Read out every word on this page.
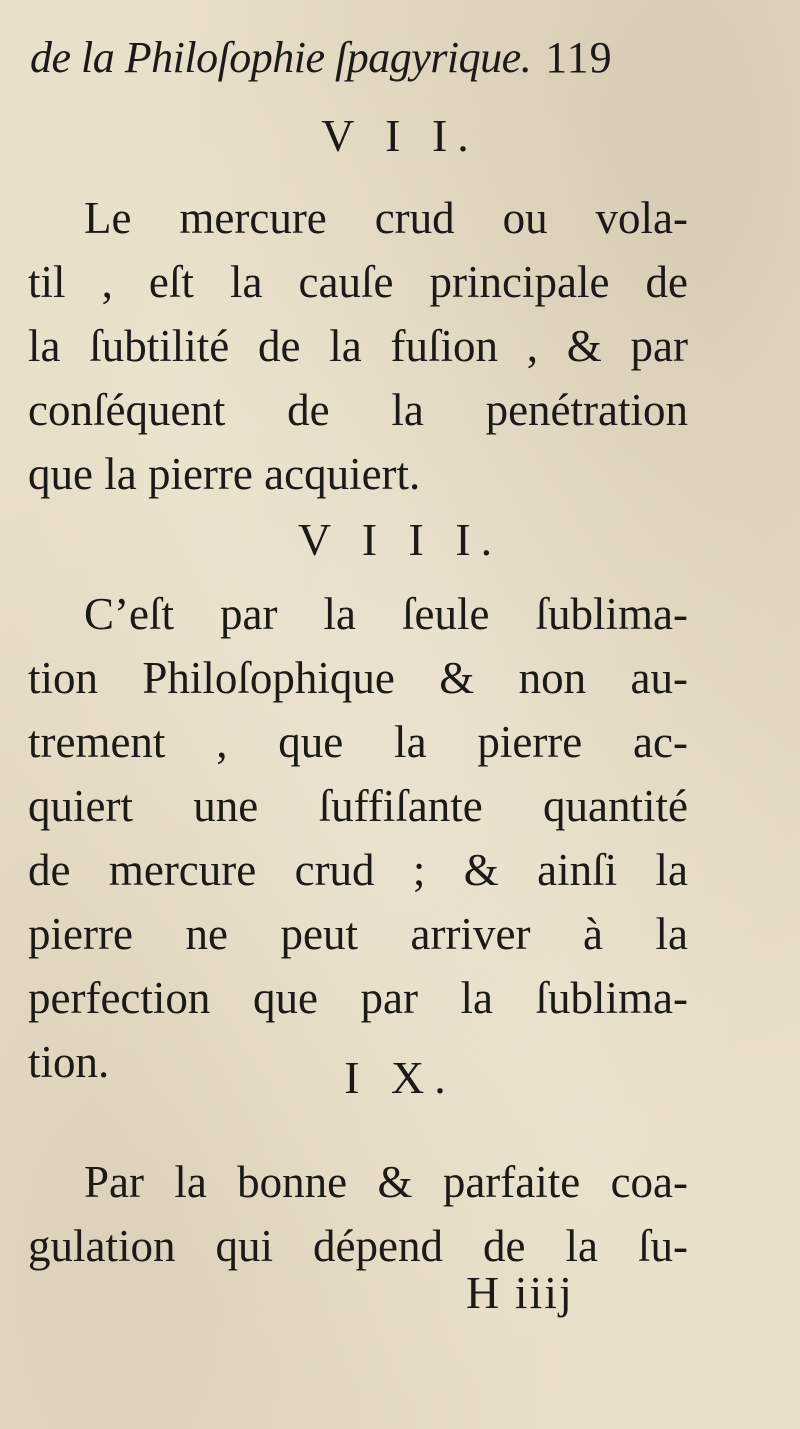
de la Philoſophie ſpagyrique. 119
V I I.
Le mercure crud ou vola-
til , eſt la cauſe principale de
la ſubtilité de la fuſion , & par
conſéquent de la penétration
que la pierre acquiert.
V I I I.
C’eſt par la ſeule ſublima-
tion Philoſophique & non au-
trement , que la pierre ac-
quiert une ſuffiſante quantité
de mercure crud ; & ainſi la
pierre ne peut arriver à la
perfection que par la ſublima-
tion.	I X.
Par la bonne & parfaite coa-
gulation qui dépend de la ſu-
H iiij
